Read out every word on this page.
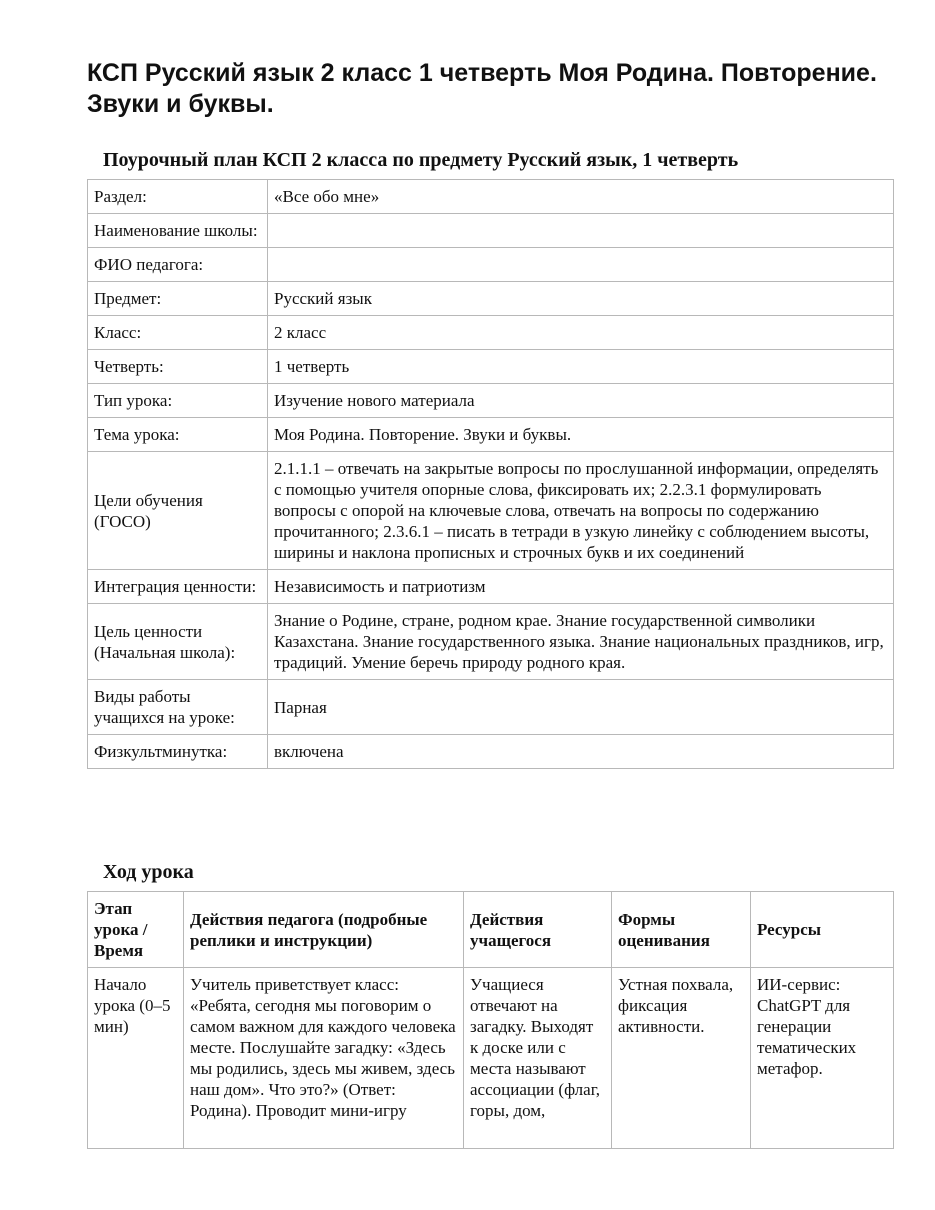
КСП Русский язык 2 класс 1 четверть Моя Родина. Повторение. Звуки и буквы.
Поурочный план КСП 2 класса по предмету Русский язык, 1 четверть
Раздел:	«Все обо мне»
Наименование школы:	
ФИО педагога:	
Предмет:	Русский язык
Класс:	2 класс
Четверть:	1 четверть
Тип урока:	Изучение нового материала
Тема урока:	Моя Родина. Повторение. Звуки и буквы.
Цели обучения (ГОСО)	2.1.1.1 – отвечать на закрытые вопросы по прослушанной информации, определять с помощью учителя опорные слова, фиксировать их; 2.2.3.1 формулировать вопросы с опорой на ключевые слова, отвечать на вопросы по содержанию прочитанного; 2.3.6.1 – писать в тетради в узкую линейку с соблюдением высоты, ширины и наклона прописных и строчных букв и их соединений
Интеграция ценности:	Независимость и патриотизм
Цель ценности (Начальная школа):	Знание о Родине, стране, родном крае. Знание государственной символики Казахстана. Знание государственного языка. Знание национальных праздников, игр, традиций. Умение беречь природу родного края.
Виды работы учащихся на уроке:	Парная
Физкультминутка:	включена
Ход урока
Этап урока / Время	Действия педагога (подробные реплики и инструкции)	Действия учащегося	Формы оценивания	Ресурсы

Начало урока (0–5 мин)	Учитель приветствует класс: «Ребята, сегодня мы поговорим о самом важном для каждого человека месте. Послушайте загадку: «Здесь мы родились, здесь мы живем, здесь наш дом». Что это?» (Ответ: Родина). Проводит мини-игру	Учащиеся отвечают на загадку. Выходят к доске или с места называют ассоциации (флаг, горы, дом,	Устная похвала, фиксация активности.	ИИ-сервис: ChatGPT для генерации тематических метафор.
